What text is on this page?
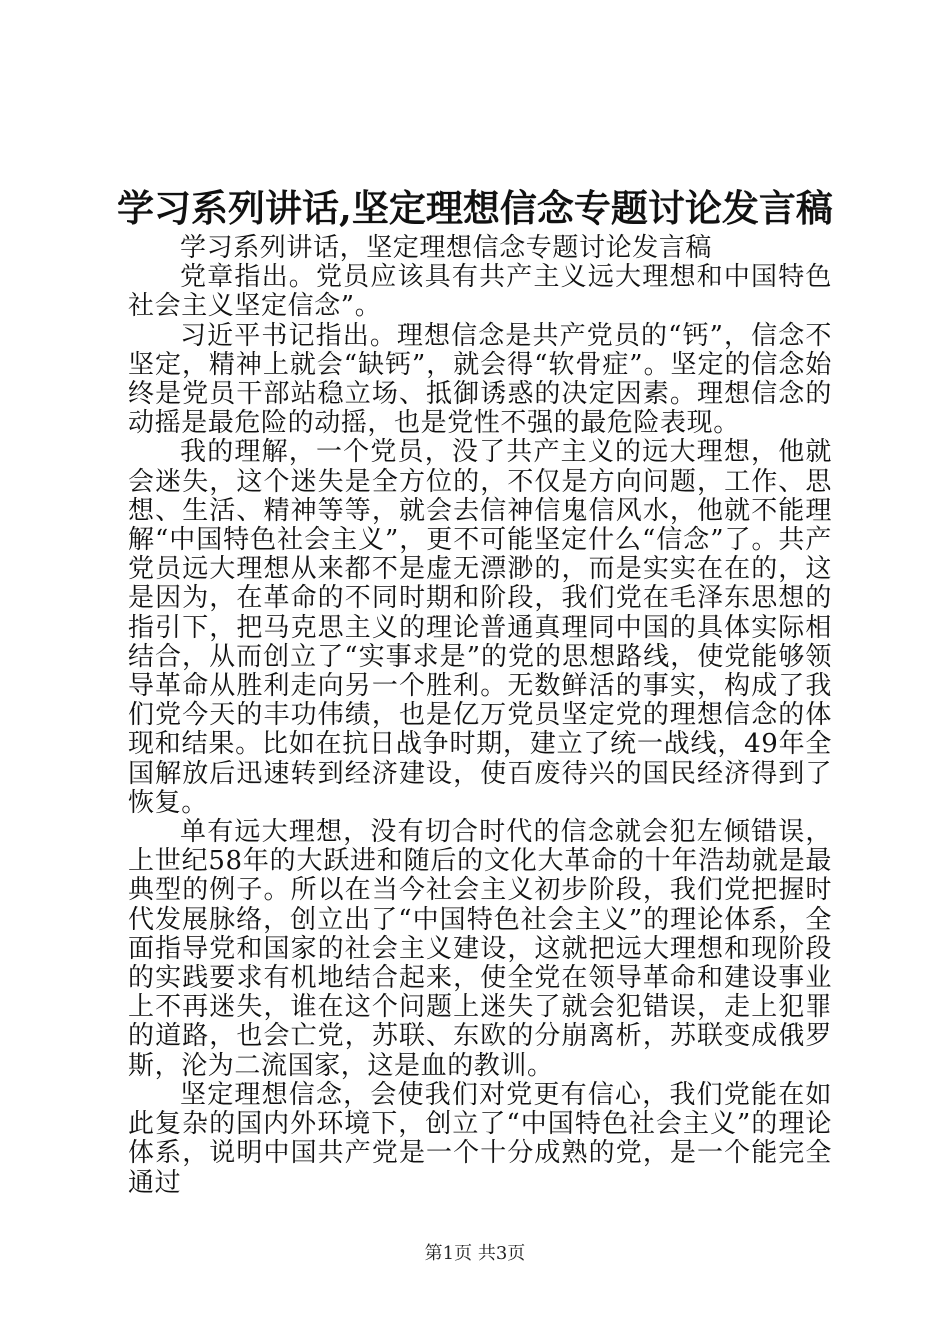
学习系列讲话,坚定理想信念专题讨论发言稿

学习系列讲话，坚定理想信念专题讨论发言稿

党章指出。党员应该具有共产主义远大理想和中国特色社会主义坚定信念”。

习近平书记指出。理想信念是共产党员的“钙”，信念不坚定，精神上就会“缺钙”，就会得“软骨症”。坚定的信念始终是党员干部站稳立场、抵御诱惑的决定因素。理想信念的动摇是最危险的动摇，也是党性不强的最危险表现。

我的理解，一个党员，没了共产主义的远大理想，他就会迷失，这个迷失是全方位的，不仅是方向问题，工作、思想、生活、精神等等，就会去信神信鬼信风水，他就不能理解“中国特色社会主义”，更不可能坚定什么“信念”了。共产党员远大理想从来都不是虚无漂渺的，而是实实在在的，这是因为，在革命的不同时期和阶段，我们党在毛泽东思想的指引下，把马克思主义的理论普通真理同中国的具体实际相结合，从而创立了“实事求是”的党的思想路线，使党能够领导革命从胜利走向另一个胜利。无数鲜活的事实，构成了我们党今天的丰功伟绩，也是亿万党员坚定党的理想信念的体现和结果。比如在抗日战争时期，建立了统一战线，49年全国解放后迅速转到经济建设，使百废待兴的国民经济得到了恢复。

单有远大理想，没有切合时代的信念就会犯左倾错误，上世纪58年的大跃进和随后的文化大革命的十年浩劫就是最典型的例子。所以在当今社会主义初步阶段，我们党把握时代发展脉络，创立出了“中国特色社会主义”的理论体系，全面指导党和国家的社会主义建设，这就把远大理想和现阶段的实践要求有机地结合起来，使全党在领导革命和建设事业上不再迷失，谁在这个问题上迷失了就会犯错误，走上犯罪的道路，也会亡党，苏联、东欧的分崩离析，苏联变成俄罗斯，沦为二流国家，这是血的教训。

坚定理想信念，会使我们对党更有信心，我们党能在如此复杂的国内外环境下，创立了“中国特色社会主义”的理论体系，说明中国共产党是一个十分成熟的党，是一个能完全通过

第1页 共3页
